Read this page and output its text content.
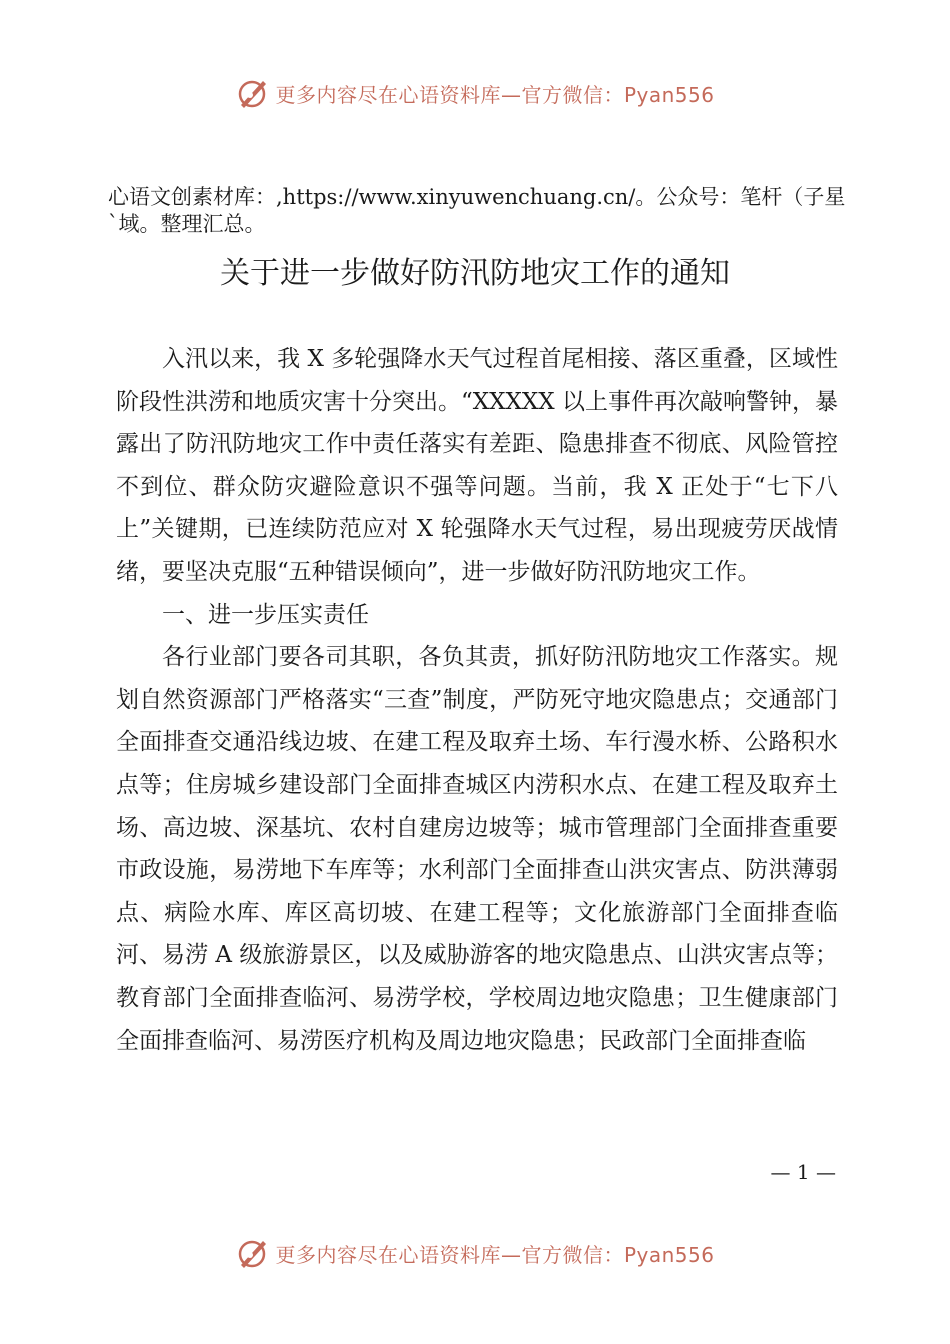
更多内容尽在心语资料库—官方微信：Pyan556
心语文创素材库：,https://www.xinyuwenchuang.cn/。公众号：笔杆（子星`域。整理汇总。
关于进一步做好防汛防地灾工作的通知

入汛以来，我 X 多轮强降水天气过程首尾相接、落区重叠，区域性阶段性洪涝和地质灾害十分突出。“XXXXX 以上事件再次敲响警钟，暴露出了防汛防地灾工作中责任落实有差距、隐患排查不彻底、风险管控不到位、群众防灾避险意识不强等问题。当前，我 X 正处于“七下八上”关键期，已连续防范应对 X 轮强降水天气过程，易出现疲劳厌战情绪，要坚决克服“五种错误倾向”，进一步做好防汛防地灾工作。

一、进一步压实责任

各行业部门要各司其职，各负其责，抓好防汛防地灾工作落实。规划自然资源部门严格落实“三查”制度，严防死守地灾隐患点；交通部门全面排查交通沿线边坡、在建工程及取弃土场、车行漫水桥、公路积水点等；住房城乡建设部门全面排查城区内涝积水点、在建工程及取弃土场、高边坡、深基坑、农村自建房边坡等；城市管理部门全面排查重要市政设施，易涝地下车库等；水利部门全面排查山洪灾害点、防洪薄弱点、病险水库、库区高切坡、在建工程等；文化旅游部门全面排查临河、易涝 A 级旅游景区，以及威胁游客的地灾隐患点、山洪灾害点等；教育部门全面排查临河、易涝学校，学校周边地灾隐患；卫生健康部门全面排查临河、易涝医疗机构及周边地灾隐患；民政部门全面排查临

— 1 —
更多内容尽在心语资料库—官方微信：Pyan556
